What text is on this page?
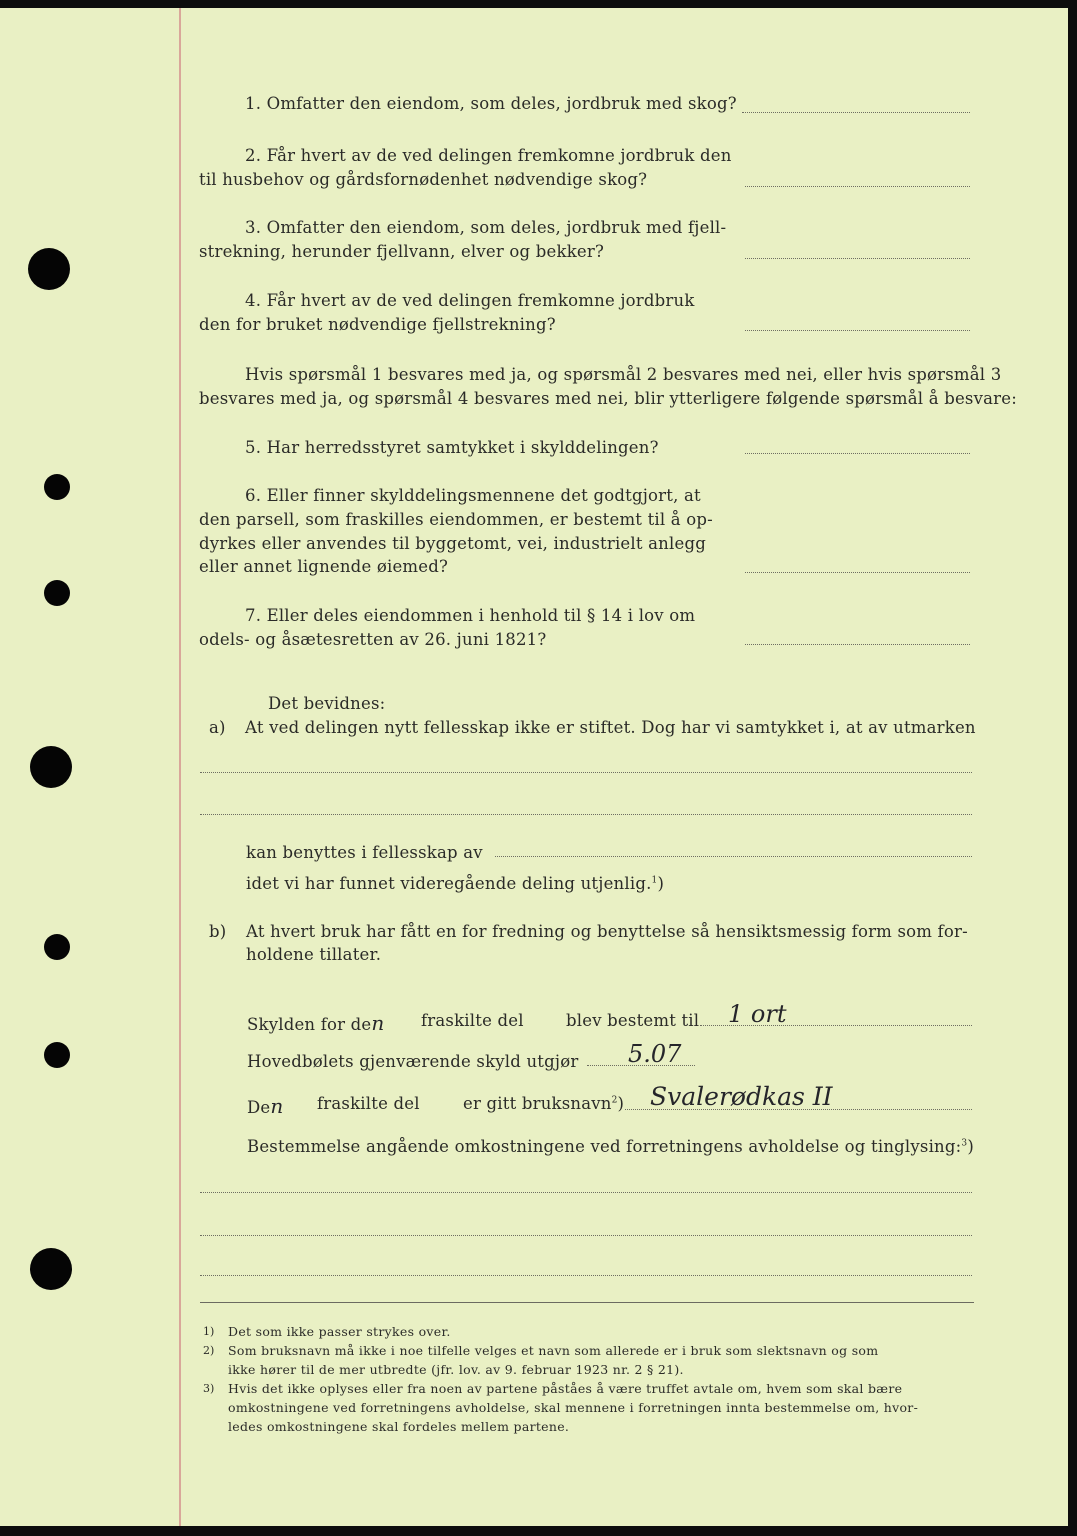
1. Omfatter den eiendom, som deles, jordbruk med skog?
2. Får hvert av de ved delingen fremkomne jordbruk den
til husbehov og gårdsfornødenhet nødvendige skog?
3. Omfatter den eiendom, som deles, jordbruk med fjell-
strekning, herunder fjellvann, elver og bekker?
4. Får hvert av de ved delingen fremkomne jordbruk
den for bruket nødvendige fjellstrekning?
Hvis spørsmål 1 besvares med ja, og spørsmål 2 besvares med nei, eller hvis spørsmål 3
besvares med ja, og spørsmål 4 besvares med nei, blir ytterligere følgende spørsmål å besvare:
5. Har herredsstyret samtykket i skylddelingen?
6. Eller finner skylddelingsmennene det godtgjort, at
den parsell, som fraskilles eiendommen, er bestemt til å op-
dyrkes eller anvendes til byggetomt, vei, industrielt anlegg
eller annet lignende øiemed?
7. Eller deles eiendommen i henhold til § 14 i lov om
odels- og åsætesretten av 26. juni 1821?
Det bevidnes:
a) At ved delingen nytt fellesskap ikke er stiftet. Dog har vi samtykket i, at av utmarken
kan benyttes i fellesskap av
idet vi har funnet videregående deling utjenlig.$^1$)
b) At hvert bruk har fått en for fredning og benyttelse så hensiktsmessig form som for-
holdene tillater.
Skylden for den fraskilte del	blev bestemt til 1 ort
Hovedbølets gjenværende skyld utgjør 5.07
Den fraskilte del	er gitt bruksnavn$^2$) Svalerødkas II
Bestemmelse angående omkostningene ved forretningens avholdelse og tinglysing:$^3$)
1) Det som ikke passer strykes over.
2) Som bruksnavn må ikke i noe tilfelle velges et navn som allerede er i bruk som slektsnavn og som
ikke hører til de mer utbredte (jfr. lov. av 9. februar 1923 nr. 2 § 21).
3) Hvis det ikke oplyses eller fra noen av partene påståes å være truffet avtale om, hvem som skal bære
omkostningene ved forretningens avholdelse, skal mennene i forretningen innta bestemmelse om, hvor-
ledes omkostningene skal fordeles mellem partene.
